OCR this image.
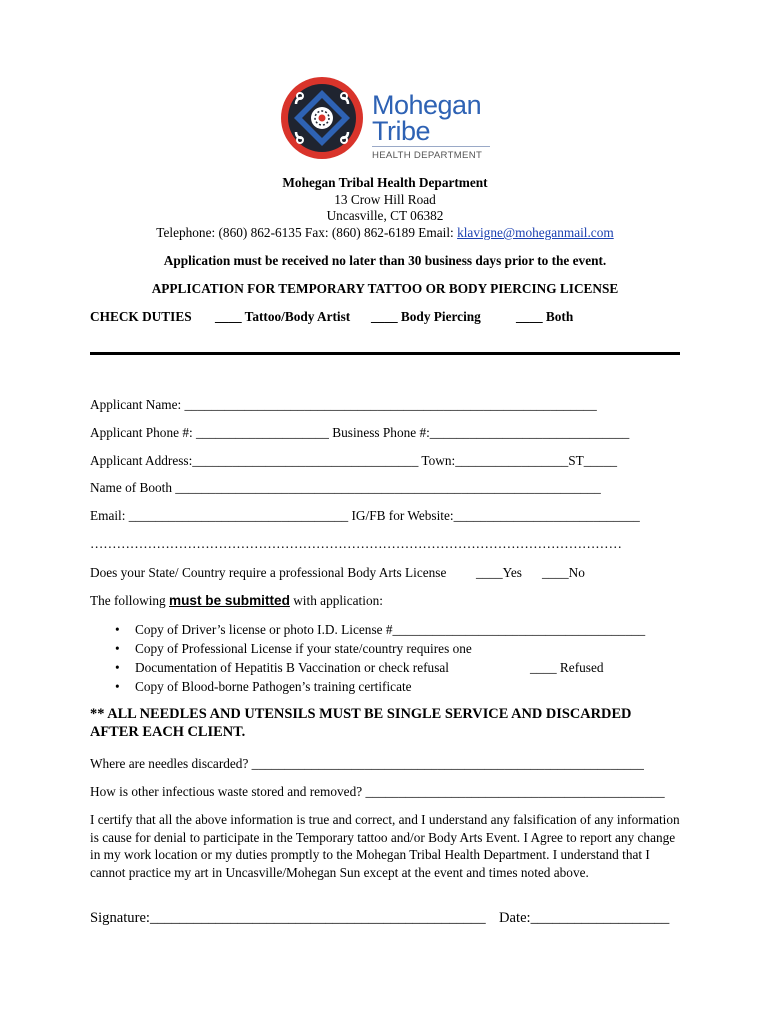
Mohegan
Tribe
HEALTH DEPARTMENT
Mohegan Tribal Health Department
13 Crow Hill Road
Uncasville, CT 06382
Telephone: (860) 862-6135 Fax: (860) 862-6189 Email: klavigne@moheganmail.com
Application must be received no later than 30 business days prior to the event.
APPLICATION FOR TEMPORARY TATTOO OR BODY PIERCING LICENSE
CHECK DUTIES ____ Tattoo/Body Artist ____ Body Piercing	____ Both
Applicant Name: ______________________________________________________________
Applicant Phone #: ____________________ Business Phone #:______________________________
Applicant Address:__________________________________ Town:_________________ST_____
Name of Booth ________________________________________________________________
Email: _________________________________ IG/FB for Website:____________________________
…………………………………………………………………………………………………………
Does your State/ Country require a professional Body Arts License ____Yes ____No
The following must be submitted with application:
• Copy of Driver’s license or photo I.D. License #______________________________________
• Copy of Professional License if your state/country requires one
• Documentation of Hepatitis B Vaccination or check refusal	____ Refused
• Copy of Blood-borne Pathogen’s training certificate
** ALL NEEDLES AND UTENSILS MUST BE SINGLE SERVICE AND DISCARDED
AFTER EACH CLIENT.
Where are needles discarded? ___________________________________________________________
How is other infectious waste stored and removed? _____________________________________________
I certify that all the above information is true and correct, and I understand any falsification of any information is cause for denial to participate in the Temporary tattoo and/or Body Arts Event. I Agree to report any change in my work location or my duties promptly to the Mohegan Tribal Health Department. I understand that I cannot practice my art in Uncasville/Mohegan Sun except at the event and times noted above.
Signature:______________________________________________ Date:___________________
